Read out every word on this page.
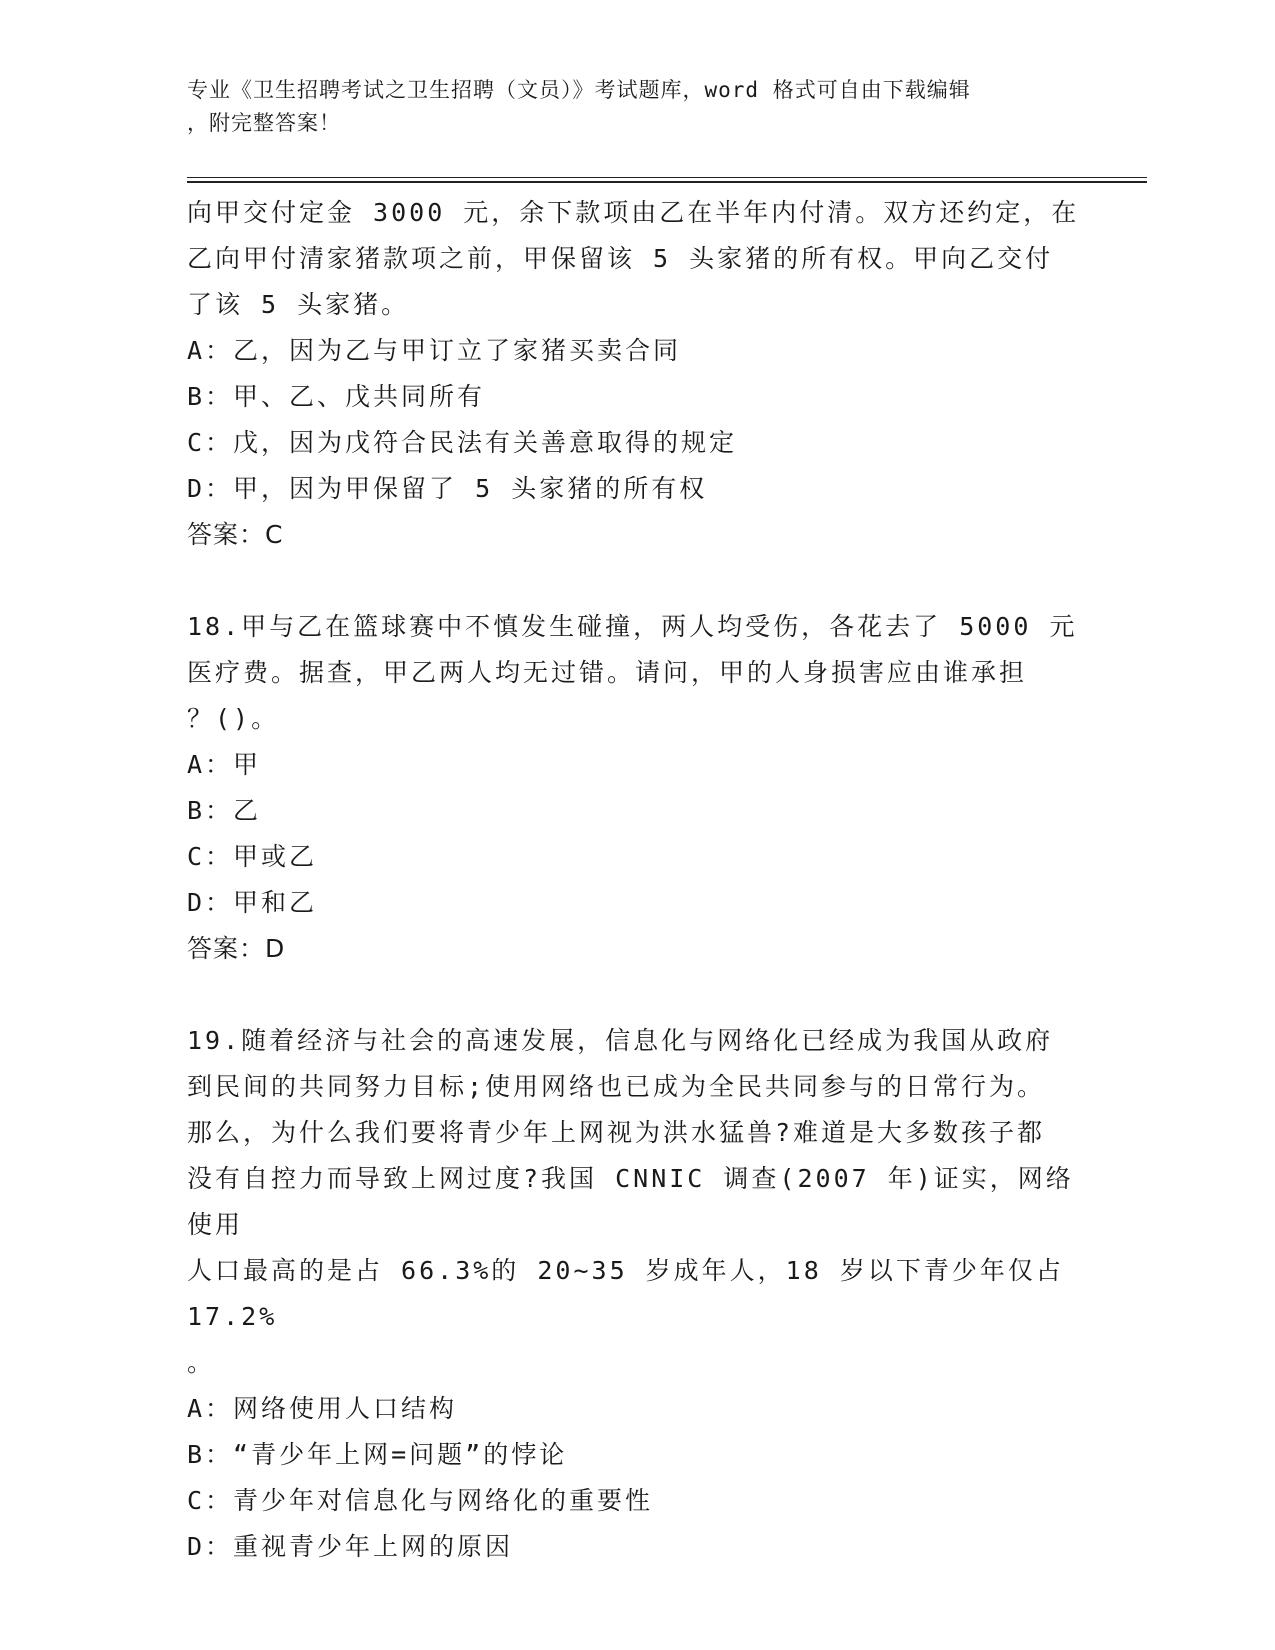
专业《卫生招聘考试之卫生招聘（文员）》考试题库，word 格式可自由下载编辑
，附完整答案！

向甲交付定金 3000 元，余下款项由乙在半年内付清。双方还约定，在

乙向甲付清家猪款项之前，甲保留该 5 头家猪的所有权。甲向乙交付

了该 5 头家猪。

A：乙，因为乙与甲订立了家猪买卖合同

B：甲、乙、戊共同所有

C：戊，因为戊符合民法有关善意取得的规定

D：甲，因为甲保留了 5 头家猪的所有权

答案：C

18.甲与乙在篮球赛中不慎发生碰撞，两人均受伤，各花去了 5000 元

医疗费。据查，甲乙两人均无过错。请问，甲的人身损害应由谁承担

？()。

A：甲

B：乙

C：甲或乙

D：甲和乙

答案：D

19.随着经济与社会的高速发展，信息化与网络化已经成为我国从政府

到民间的共同努力目标;使用网络也已成为全民共同参与的日常行为。

那么，为什么我们要将青少年上网视为洪水猛兽?难道是大多数孩子都

没有自控力而导致上网过度?我国 CNNIC 调查(2007 年)证实，网络使用

人口最高的是占 66.3%的 20~35 岁成年人，18 岁以下青少年仅占 17.2%

。

A：网络使用人口结构

B：“青少年上网=问题”的悖论

C：青少年对信息化与网络化的重要性

D：重视青少年上网的原因
